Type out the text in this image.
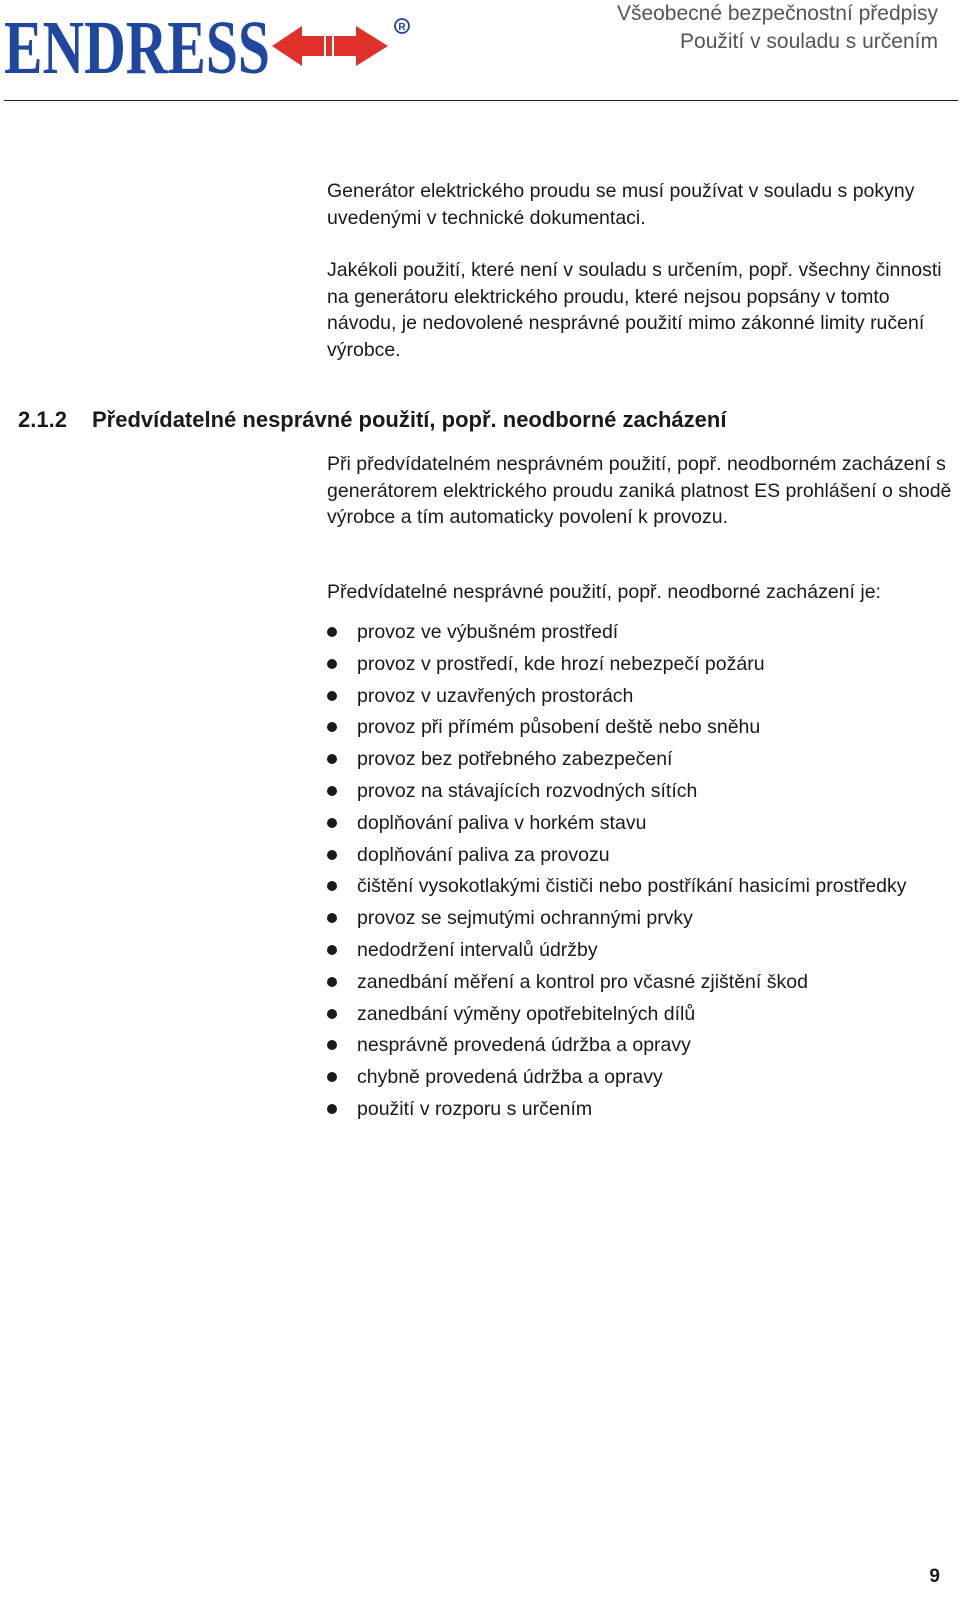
ENDRESS	R
Všeobecné bezpečnostní předpisy
Použití v souladu s určením

Generátor elektrického proudu se musí používat v souladu s pokyny uvedenými v technické dokumentaci.

Jakékoli použití, které není v souladu s určením, popř. všechny činnosti na generátoru elektrického proudu, které nejsou popsány v tomto návodu, je nedovolené nesprávné použití mimo zákonné limity ručení výrobce.

2.1.2 Předvídatelné nesprávné použití, popř. neodborné zacházení

Při předvídatelném nesprávném použití, popř. neodborném zacházení s generátorem elektrického proudu zaniká platnost ES prohlášení o shodě výrobce a tím automaticky povolení k provozu.

Předvídatelné nesprávné použití, popř. neodborné zacházení je:

provoz ve výbušném prostředí
provoz v prostředí, kde hrozí nebezpečí požáru
provoz v uzavřených prostorách
provoz při přímém působení deště nebo sněhu
provoz bez potřebného zabezpečení
provoz na stávajících rozvodných sítích
doplňování paliva v horkém stavu
doplňování paliva za provozu
čištění vysokotlakými čističi nebo postříkání hasicími prostředky
provoz se sejmutými ochrannými prvky
nedodržení intervalů údržby
zanedbání měření a kontrol pro včasné zjištění škod
zanedbání výměny opotřebitelných dílů
nesprávně provedená údržba a opravy
chybně provedená údržba a opravy
použití v rozporu s určením
9
